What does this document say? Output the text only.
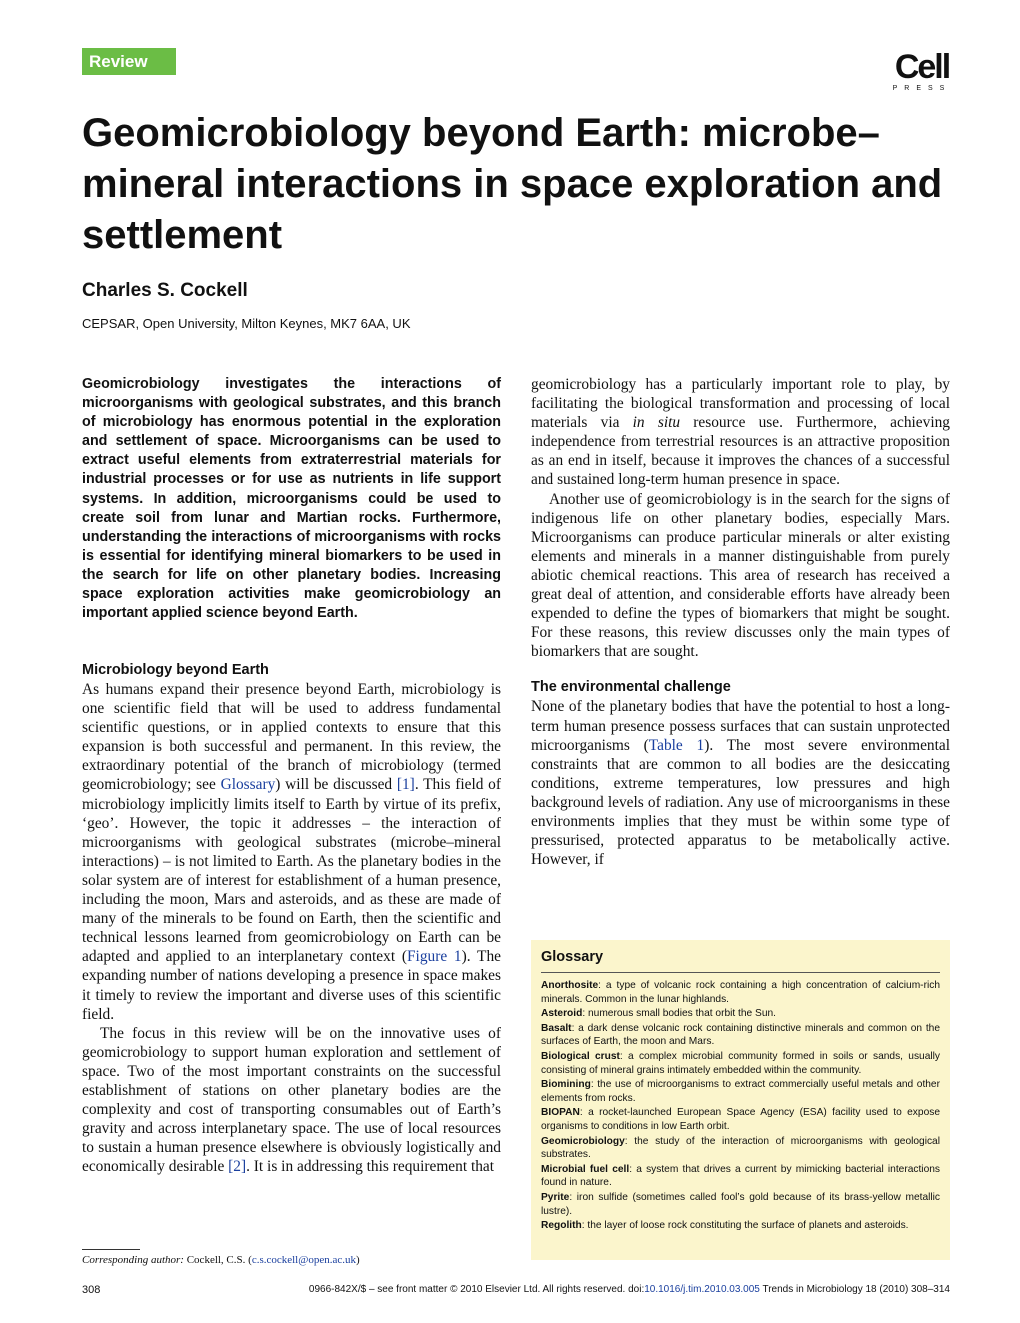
Review	Cell
PRESS
Geomicrobiology beyond Earth: microbe–mineral interactions in space exploration and settlement
Charles S. Cockell
CEPSAR, Open University, Milton Keynes, MK7 6AA, UK
Geomicrobiology investigates the interactions of microorganisms with geological substrates, and this branch of microbiology has enormous potential in the exploration and settlement of space. Microorganisms can be used to extract useful elements from extraterrestrial materials for industrial processes or for use as nutrients in life support systems. In addition, microorganisms could be used to create soil from lunar and Martian rocks. Furthermore, understanding the interactions of microorganisms with rocks is essential for identifying mineral biomarkers to be used in the search for life on other planetary bodies. Increasing space exploration activities make geomicrobiology an important applied science beyond Earth.
Microbiology beyond Earth

As humans expand their presence beyond Earth, microbiology is one scientific field that will be used to address fundamental scientific questions, or in applied contexts to ensure that this expansion is both successful and permanent. In this review, the extraordinary potential of the branch of microbiology (termed geomicrobiology; see Glossary) will be discussed [1]. This field of microbiology implicitly limits itself to Earth by virtue of its prefix, ‘geo’. However, the topic it addresses – the interaction of microorganisms with geological substrates (microbe–mineral interactions) – is not limited to Earth. As the planetary bodies in the solar system are of interest for establishment of a human presence, including the moon, Mars and asteroids, and as these are made of many of the minerals to be found on Earth, then the scientific and technical lessons learned from geomicrobiology on Earth can be adapted and applied to an interplanetary context (Figure 1). The expanding number of nations developing a presence in space makes it timely to review the important and diverse uses of this scientific field.

The focus in this review will be on the innovative uses of geomicrobiology to support human exploration and settlement of space. Two of the most important constraints on the successful establishment of stations on other planetary bodies are the complexity and cost of transporting consumables out of Earth’s gravity and across interplanetary space. The use of local resources to sustain a human presence elsewhere is obviously logistically and economically desirable [2]. It is in addressing this requirement that

geomicrobiology has a particularly important role to play, by facilitating the biological transformation and processing of local materials via in situ resource use. Furthermore, achieving independence from terrestrial resources is an attractive proposition as an end in itself, because it improves the chances of a successful and sustained long-term human presence in space.

Another use of geomicrobiology is in the search for the signs of indigenous life on other planetary bodies, especially Mars. Microorganisms can produce particular minerals or alter existing elements and minerals in a manner distinguishable from purely abiotic chemical reactions. This area of research has received a great deal of attention, and considerable efforts have already been expended to define the types of biomarkers that might be sought. For these reasons, this review discusses only the main types of biomarkers that are sought.

The environmental challenge

None of the planetary bodies that have the potential to host a long-term human presence possess surfaces that can sustain unprotected microorganisms (Table 1). The most severe environmental constraints that are common to all bodies are the desiccating conditions, extreme temperatures, low pressures and high background levels of radiation. Any use of microorganisms in these environments implies that they must be within some type of pressurised, protected apparatus to be metabolically active. However, if

Glossary
Anorthosite: a type of volcanic rock containing a high concentration of calcium-rich minerals. Common in the lunar highlands.
Asteroid: numerous small bodies that orbit the Sun.
Basalt: a dark dense volcanic rock containing distinctive minerals and common on the surfaces of Earth, the moon and Mars.
Biological crust: a complex microbial community formed in soils or sands, usually consisting of mineral grains intimately embedded within the community.
Biomining: the use of microorganisms to extract commercially useful metals and other elements from rocks.
BIOPAN: a rocket-launched European Space Agency (ESA) facility used to expose organisms to conditions in low Earth orbit.
Geomicrobiology: the study of the interaction of microorganisms with geological substrates.
Microbial fuel cell: a system that drives a current by mimicking bacterial interactions found in nature.
Pyrite: iron sulfide (sometimes called fool’s gold because of its brass-yellow metallic lustre).
Regolith: the layer of loose rock constituting the surface of planets and asteroids.
Corresponding author: Cockell, C.S. (c.s.cockell@open.ac.uk)
308	0966-842X/$ – see front matter © 2010 Elsevier Ltd. All rights reserved. doi:10.1016/j.tim.2010.03.005 Trends in Microbiology 18 (2010) 308–314
